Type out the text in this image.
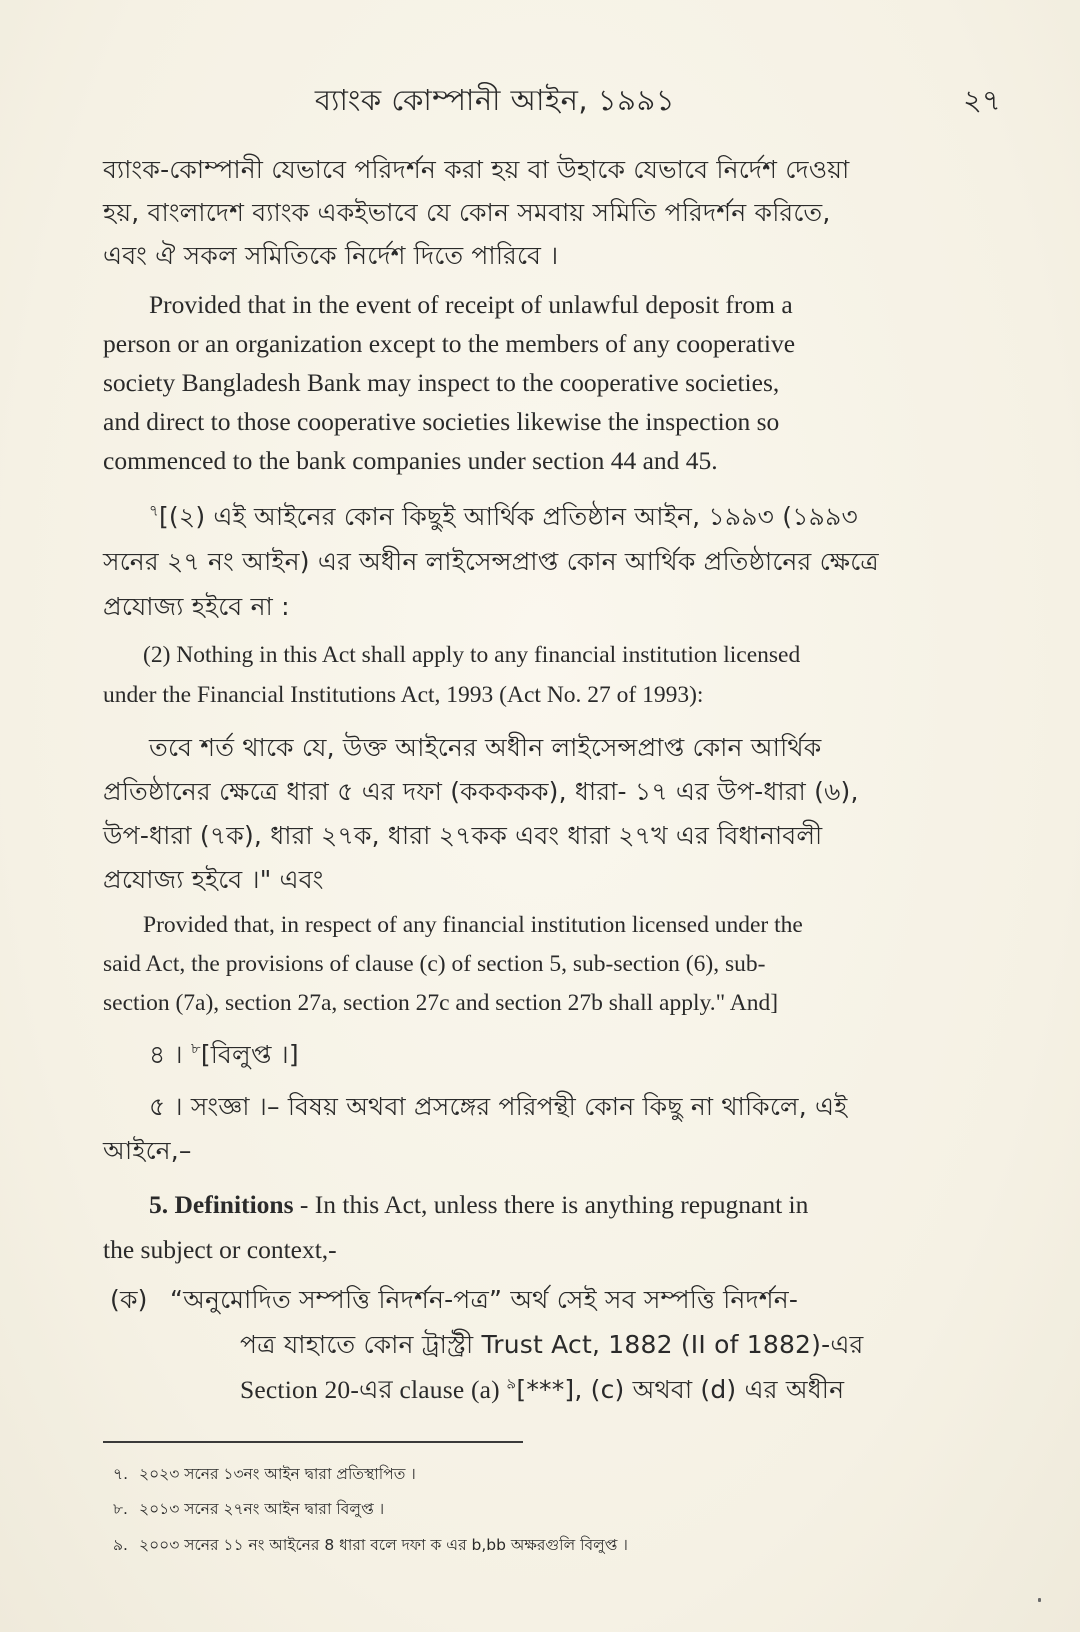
ব্যাংক কোম্পানী আইন, ১৯৯১	২৭
ব্যাংক-কোম্পানী যেভাবে পরিদর্শন করা হয় বা উহাকে যেভাবে নির্দেশ দেওয়া
হয়, বাংলাদেশ ব্যাংক একইভাবে যে কোন সমবায় সমিতি পরিদর্শন করিতে,
এবং ঐ সকল সমিতিকে নির্দেশ দিতে পারিবে ।
Provided that in the event of receipt of unlawful deposit from a
person or an organization except to the members of any cooperative
society Bangladesh Bank may inspect to the cooperative societies,
and direct to those cooperative societies likewise the inspection so
commenced to the bank companies under section 44 and 45.
$^৭$[(২) এই আইনের কোন কিছুই আর্থিক প্রতিষ্ঠান আইন, ১৯৯৩ (১৯৯৩
সনের ২৭ নং আইন) এর অধীন লাইসেন্সপ্রাপ্ত কোন আর্থিক প্রতিষ্ঠানের ক্ষেত্রে
প্রযোজ্য হইবে না :
(2) Nothing in this Act shall apply to any financial institution licensed
under the Financial Institutions Act, 1993 (Act No. 27 of 1993):
তবে শর্ত থাকে যে, উক্ত আইনের অধীন লাইসেন্সপ্রাপ্ত কোন আর্থিক
প্রতিষ্ঠানের ক্ষেত্রে ধারা ৫ এর দফা (ককককক), ধারা- ১৭ এর উপ-ধারা (৬),
উপ-ধারা (৭ক), ধারা ২৭ক, ধারা ২৭কক এবং ধারা ২৭খ এর বিধানাবলী
প্রযোজ্য হইবে ।" এবং
Provided that, in respect of any financial institution licensed under the
said Act, the provisions of clause (c) of section 5, sub-section (6), sub-
section (7a), section 27a, section 27c and section 27b shall apply." And]
৪ । $^৮$[বিলুপ্ত ।]
৫ । সংজ্ঞা ।– বিষয় অথবা প্রসঙ্গের পরিপন্থী কোন কিছু না থাকিলে, এই
আইনে,–
5. Definitions - In this Act, unless there is anything repugnant in
the subject or context,-
(ক) “অনুমোদিত সম্পত্তি নিদর্শন-পত্র” অর্থ সেই সব সম্পত্তি নিদর্শন-
পত্র যাহাতে কোন ট্রাস্ট্রী Trust Act, 1882 (II of 1882)-এর
Section 20-এর clause (a) $^৯$[***], (c) অথবা (d) এর অধীন
৭. ২০২৩ সনের ১৩নং আইন দ্বারা প্রতিস্থাপিত ।
৮. ২০১৩ সনের ২৭নং আইন দ্বারা বিলুপ্ত ।
৯. ২০০৩ সনের ১১ নং আইনের 8 ধারা বলে দফা ক এর b,bb অক্ষরগুলি বিলুপ্ত ।
